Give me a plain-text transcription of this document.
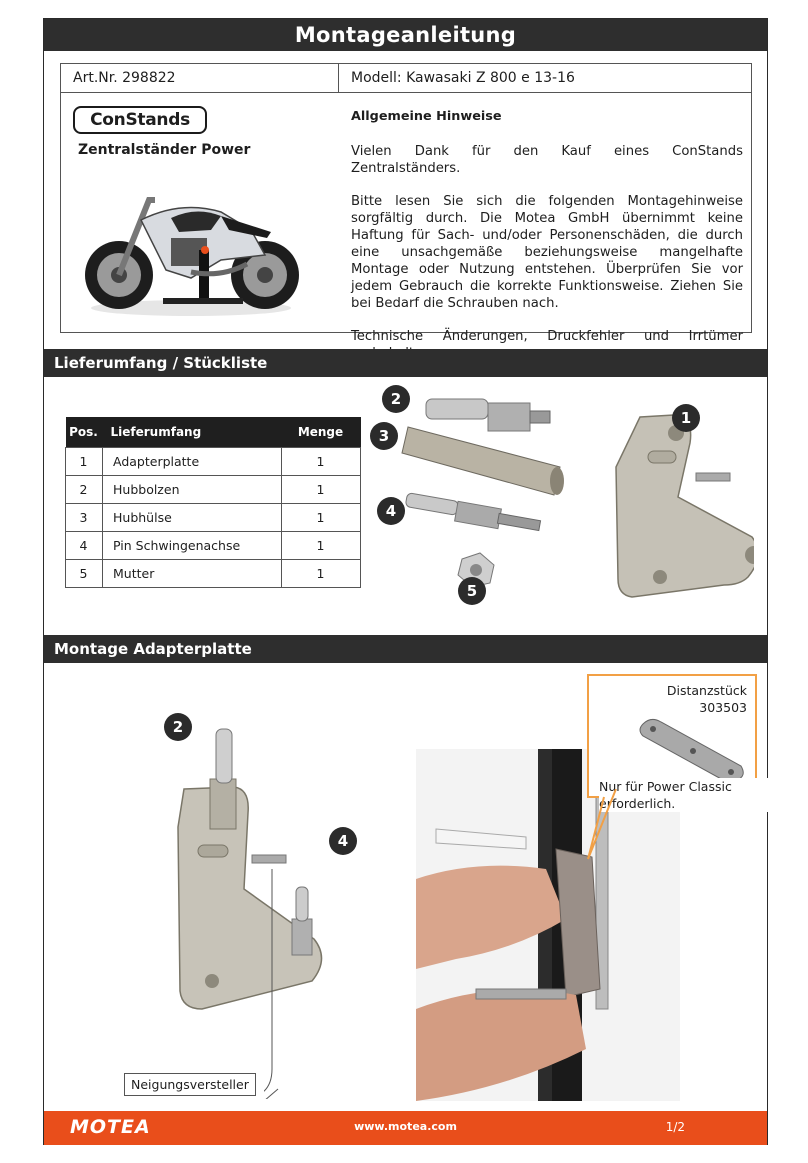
Montageanleitung
Art.Nr. 298822	Modell: Kawasaki Z 800 e 13-16
ConStands
Zentralständer Power

Allgemeine Hinweise

Vielen Dank für den Kauf eines ConStands Zentralständers.

Bitte lesen Sie sich die folgenden Montagehinweise sorgfältig durch. Die Motea GmbH übernimmt keine Haftung für Sach- und/oder Personenschäden, die durch eine unsachgemäße beziehungsweise mangelhafte Montage oder Nutzung entstehen. Überprüfen Sie vor jedem Gebrauch die korrekte Funktionsweise. Ziehen Sie bei Bedarf die Schrauben nach.

Technische Änderungen, Druckfehler und Irrtümer

Lieferumfang / Stückliste
Pos.	Lieferumfang	Menge
1	Adapterplatte	1
2	Hubbolzen	1
3	Hubhülse	1
4	Pin Schwingenachse	1
5	Mutter	1
2
3
4
5
1
Montage Adapterplatte
2
4
Neigungsversteller
Distanzstück
303503
Nur für Power Classic erforderlich.
MOTEA	www.motea.com	1/2
